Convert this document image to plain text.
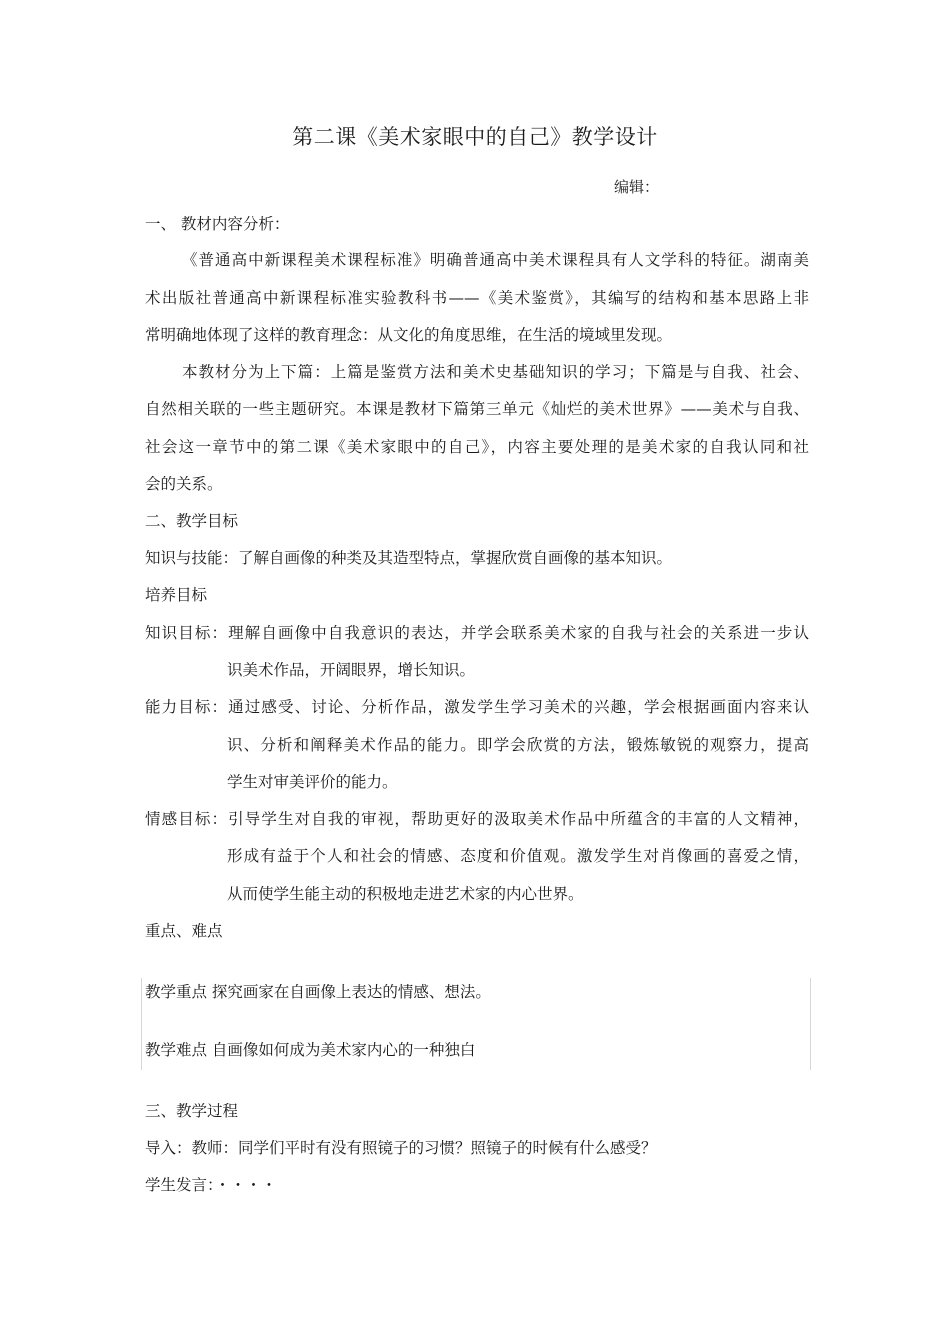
第二课《美术家眼中的自己》教学设计
编辑：
一、 教材内容分析：
《普通高中新课程美术课程标准》明确普通高中美术课程具有人文学科的特征。湖南美
术出版社普通高中新课程标准实验教科书——《美术鉴赏》，其编写的结构和基本思路上非
常明确地体现了这样的教育理念：从文化的角度思维，在生活的境域里发现。
本教材分为上下篇：上篇是鉴赏方法和美术史基础知识的学习；下篇是与自我、社会、
自然相关联的一些主题研究。本课是教材下篇第三单元《灿烂的美术世界》——美术与自我、
社会这一章节中的第二课《美术家眼中的自己》，内容主要处理的是美术家的自我认同和社
会的关系。
二、教学目标
知识与技能：了解自画像的种类及其造型特点，掌握欣赏自画像的基本知识。
培养目标
知识目标：理解自画像中自我意识的表达，并学会联系美术家的自我与社会的关系进一步认
识美术作品，开阔眼界，增长知识。
能力目标：通过感受、讨论、分析作品，激发学生学习美术的兴趣，学会根据画面内容来认
识、分析和阐释美术作品的能力。即学会欣赏的方法，锻炼敏锐的观察力，提高
学生对审美评价的能力。
情感目标：引导学生对自我的审视，帮助更好的汲取美术作品中所蕴含的丰富的人文精神，
形成有益于个人和社会的情感、态度和价值观。激发学生对肖像画的喜爱之情，
从而使学生能主动的积极地走进艺术家的内心世界。
重点、难点
教学重点 探究画家在自画像上表达的情感、想法。
教学难点 自画像如何成为美术家内心的一种独白
三、教学过程
导入：教师：同学们平时有没有照镜子的习惯？照镜子的时候有什么感受？
学生发言：・・・・
